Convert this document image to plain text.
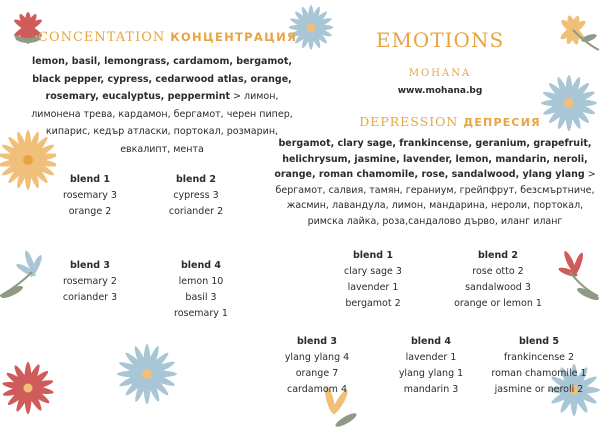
CONCENTATION КОНЦЕНТРАЦИЯ
lemon, basil, lemongrass, cardamom, bergamot, black pepper, cypress, cedarwood atlas, orange, rosemary, eucalyptus, peppermint > лимон, лимонена трева, кардамон, бергамот, черен пипер, кипарис, кедър атласки, портокал, розмарин, евкалипт, мента
blend 1
rosemary 3
orange 2
blend 2
cypress 3
coriander 2
blend 3
rosemary 2
coriander 3
blend 4
lemon 10
basil 3
rosemary 1
EMOTIONS
MOHANA
www.mohana.bg
DEPRESSION ДЕПРЕСИЯ
bergamot, clary sage, frankincense, geranium, grapefruit, helichrysum, jasmine, lavender, lemon, mandarin, neroli, orange, roman chamomile, rose, sandalwood, ylang ylang > бергамот, салвия, тамян, гераниум, грейпфрут, безсмъртниче, жасмин, лавандула, лимон, мандарина, нероли, портокал, римска лайка, роза,сандалово дърво, иланг иланг
blend 1
clary sage 3
lavender 1
bergamot 2
blend 2
rose otto 2
sandalwood 3
orange or lemon 1
blend 3
ylang ylang 4
orange 7
cardamom 4
blend 4
lavender 1
ylang ylang 1
mandarin 3
blend 5
frankincense 2
roman chamomile 1
jasmine or neroli 2
